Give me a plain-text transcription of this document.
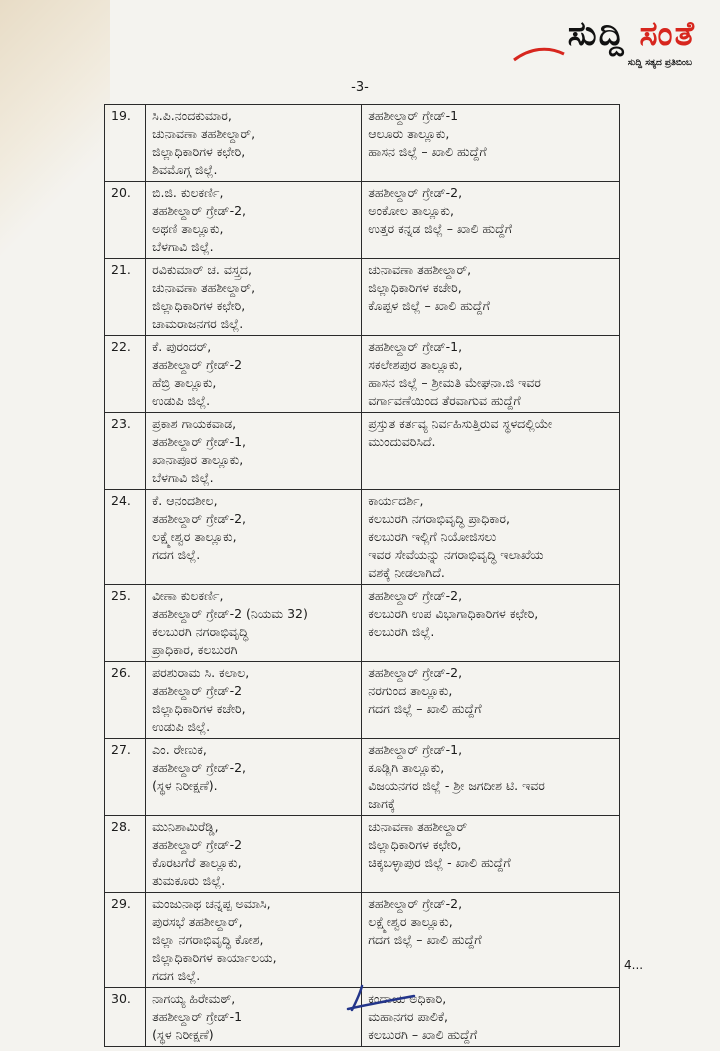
ಸುದ್ದಿ ಸಂತೆ
ಸುದ್ದಿ ಸತ್ಯದ ಪ್ರತಿಬಿಂಬ
-3-
19.	ಸಿ.ಪಿ.ನಂದಕುಮಾರ,
ಚುನಾವಣಾ ತಹಶೀಲ್ದಾರ್,
ಜಿಲ್ಲಾಧಿಕಾರಿಗಳ ಕಛೇರಿ,
ಶಿವಮೊಗ್ಗ ಜಿಲ್ಲೆ.	ತಹಶೀಲ್ದಾರ್ ಗ್ರೇಡ್-1
ಆಲೂರು ತಾಲ್ಲೂಕು,
ಹಾಸನ ಜಿಲ್ಲೆ – ಖಾಲಿ ಹುದ್ದೆಗೆ

20.	ಬಿ.ಜಿ. ಕುಲಕರ್ಣಿ,
ತಹಶೀಲ್ದಾರ್ ಗ್ರೇಡ್-2,
ಅಥಣಿ ತಾಲ್ಲೂಕು,
ಬೆಳಗಾವಿ ಜಿಲ್ಲೆ.	ತಹಶೀಲ್ದಾರ್ ಗ್ರೇಡ್-2,
ಅಂಕೋಲ ತಾಲ್ಲೂಕು,
ಉತ್ತರ ಕನ್ನಡ ಜಿಲ್ಲೆ – ಖಾಲಿ ಹುದ್ದೆಗೆ

21.	ರವಿಕುಮಾರ್ ಚ. ವಸ್ತ್ರದ,
ಚುನಾವಣಾ ತಹಶೀಲ್ದಾರ್,
ಜಿಲ್ಲಾಧಿಕಾರಿಗಳ ಕಛೇರಿ,
ಚಾಮರಾಜನಗರ ಜಿಲ್ಲೆ.	ಚುನಾವಣಾ ತಹಶೀಲ್ದಾರ್,
ಜಿಲ್ಲಾಧಿಕಾರಿಗಳ ಕಚೇರಿ,
ಕೊಪ್ಪಳ ಜಿಲ್ಲೆ – ಖಾಲಿ ಹುದ್ದೆಗೆ

22.	ಕೆ. ಪುರಂದರ್,
ತಹಶೀಲ್ದಾರ್ ಗ್ರೇಡ್-2
ಹೆಬ್ರಿ ತಾಲ್ಲೂಕು,
ಉಡುಪಿ ಜಿಲ್ಲೆ.	ತಹಶೀಲ್ದಾರ್ ಗ್ರೇಡ್-1,
ಸಕಲೇಶಪುರ ತಾಲ್ಲೂಕು,
ಹಾಸನ ಜಿಲ್ಲೆ – ಶ್ರೀಮತಿ ಮೇಘನಾ.ಜಿ ಇವರ
ವರ್ಗಾವಣೆಯಿಂದ ತೆರವಾಗುವ ಹುದ್ದೆಗೆ

23.	ಪ್ರಕಾಶ ಗಾಯಕವಾಡ,
ತಹಶೀಲ್ದಾರ್ ಗ್ರೇಡ್-1,
ಖಾನಾಪೂರ ತಾಲ್ಲೂಕು,
ಬೆಳಗಾವಿ ಜಿಲ್ಲೆ.	ಪ್ರಸ್ತುತ ಕರ್ತವ್ಯ ನಿರ್ವಹಿಸುತ್ತಿರುವ ಸ್ಥಳದಲ್ಲಿಯೇ
ಮುಂದುವರಿಸಿದೆ.

24.	ಕೆ. ಆನಂದಶೀಲ,
ತಹಶೀಲ್ದಾರ್ ಗ್ರೇಡ್-2,
ಲಕ್ಷ್ಮೇಶ್ವರ ತಾಲ್ಲೂಕು,
ಗದಗ ಜಿಲ್ಲೆ.	ಕಾರ್ಯದರ್ಶಿ,
ಕಲಬುರಗಿ ನಗರಾಭಿವೃದ್ಧಿ ಪ್ರಾಧಿಕಾರ,
ಕಲಬುರಗಿ ಇಲ್ಲಿಗೆ ನಿಯೋಜಿಸಲು
ಇವರ ಸೇವೆಯನ್ನು ನಗರಾಭಿವೃದ್ಧಿ ಇಲಾಖೆಯ
ವಶಕ್ಕೆ ನೀಡಲಾಗಿದೆ.

25.	ವೀಣಾ ಕುಲಕರ್ಣಿ,
ತಹಶೀಲ್ದಾರ್ ಗ್ರೇಡ್-2 (ನಿಯಮ 32)
ಕಲಬುರಗಿ ನಗರಾಭಿವೃದ್ಧಿ
ಪ್ರಾಧಿಕಾರ, ಕಲಬುರಗಿ	ತಹಶೀಲ್ದಾರ್ ಗ್ರೇಡ್-2,
ಕಲಬುರಗಿ ಉಪ ವಿಭಾಗಾಧಿಕಾರಿಗಳ ಕಛೇರಿ,
ಕಲಬುರಗಿ ಜಿಲ್ಲೆ.

26.	ಪರಶುರಾಮ ಸಿ. ಕಲಾಲ,
ತಹಶೀಲ್ದಾರ್ ಗ್ರೇಡ್-2
ಜಿಲ್ಲಾಧಿಕಾರಿಗಳ ಕಚೇರಿ,
ಉಡುಪಿ ಜಿಲ್ಲೆ.	ತಹಶೀಲ್ದಾರ್ ಗ್ರೇಡ್-2,
ನರಗುಂದ ತಾಲ್ಲೂಕು,
ಗದಗ ಜಿಲ್ಲೆ – ಖಾಲಿ ಹುದ್ದೆಗೆ

27.	ಎಂ. ರೇಣುಕ,
ತಹಶೀಲ್ದಾರ್ ಗ್ರೇಡ್-2,
(ಸ್ಥಳ ನಿರೀಕ್ಷಣೆ).	ತಹಶೀಲ್ದಾರ್ ಗ್ರೇಡ್-1,
ಕೂಡ್ಲಿಗಿ ತಾಲ್ಲೂಕು,
ವಿಜಯನಗರ ಜಿಲ್ಲೆ - ಶ್ರೀ ಜಗದೀಶ ಟಿ. ಇವರ
ಜಾಗಕ್ಕೆ

28.	ಮುನಿಶಾಮಿರೆಡ್ಡಿ,
ತಹಶೀಲ್ದಾರ್ ಗ್ರೇಡ್-2
ಕೊರಟಗೆರೆ ತಾಲ್ಲೂಕು,
ತುಮಕೂರು ಜಿಲ್ಲೆ.	ಚುನಾವಣಾ ತಹಶೀಲ್ದಾರ್
ಜಿಲ್ಲಾಧಿಕಾರಿಗಳ ಕಛೇರಿ,
ಚಿಕ್ಕಬಳ್ಳಾಪುರ ಜಿಲ್ಲೆ - ಖಾಲಿ ಹುದ್ದೆಗೆ

29.	ಮಂಜುನಾಥ ಚನ್ನಪ್ಪ ಅಮಾಸಿ,
ಪುರಸಭೆ ತಹಶೀಲ್ದಾರ್,
ಜಿಲ್ಲಾ ನಗರಾಭಿವೃದ್ಧಿ ಕೋಶ,
ಜಿಲ್ಲಾಧಿಕಾರಿಗಳ ಕಾರ್ಯಾಲಯ,
ಗದಗ ಜಿಲ್ಲೆ.	ತಹಶೀಲ್ದಾರ್ ಗ್ರೇಡ್-2,
ಲಕ್ಷ್ಮೇಶ್ವರ ತಾಲ್ಲೂಕು,
ಗದಗ ಜಿಲ್ಲೆ – ಖಾಲಿ ಹುದ್ದೆಗೆ

30.	ನಾಗಯ್ಯ ಹಿರೇಮಠ್,
ತಹಶೀಲ್ದಾರ್ ಗ್ರೇಡ್-1
(ಸ್ಥಳ ನಿರೀಕ್ಷಣೆ)	ಕಂದಾಯ ಅಧಿಕಾರಿ,
ಮಹಾನಗರ ಪಾಲಿಕೆ,
ಕಲಬುರಗಿ – ಖಾಲಿ ಹುದ್ದೆಗೆ
4...
